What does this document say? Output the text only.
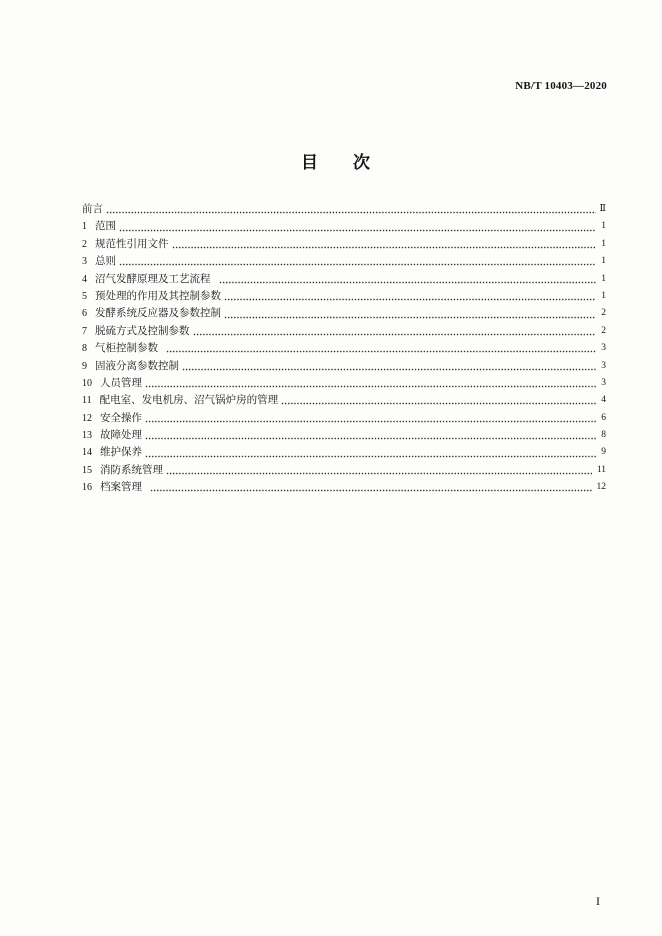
NB/T 10403—2020
目　次
前言	Ⅱ
1 范围	1
2 规范性引用文件	1
3 总则	1
4 沼气发酵原理及工艺流程	1
5 预处理的作用及其控制参数	1
6 发酵系统反应器及参数控制	2
7 脱硫方式及控制参数	2
8 气柜控制参数	3
9 固液分离参数控制	3
10 人员管理	3
11 配电室、发电机房、沼气锅炉房的管理	4
12 安全操作	6
13 故障处理	8
14 维护保养	9
15 消防系统管理	11
16 档案管理	12
I
